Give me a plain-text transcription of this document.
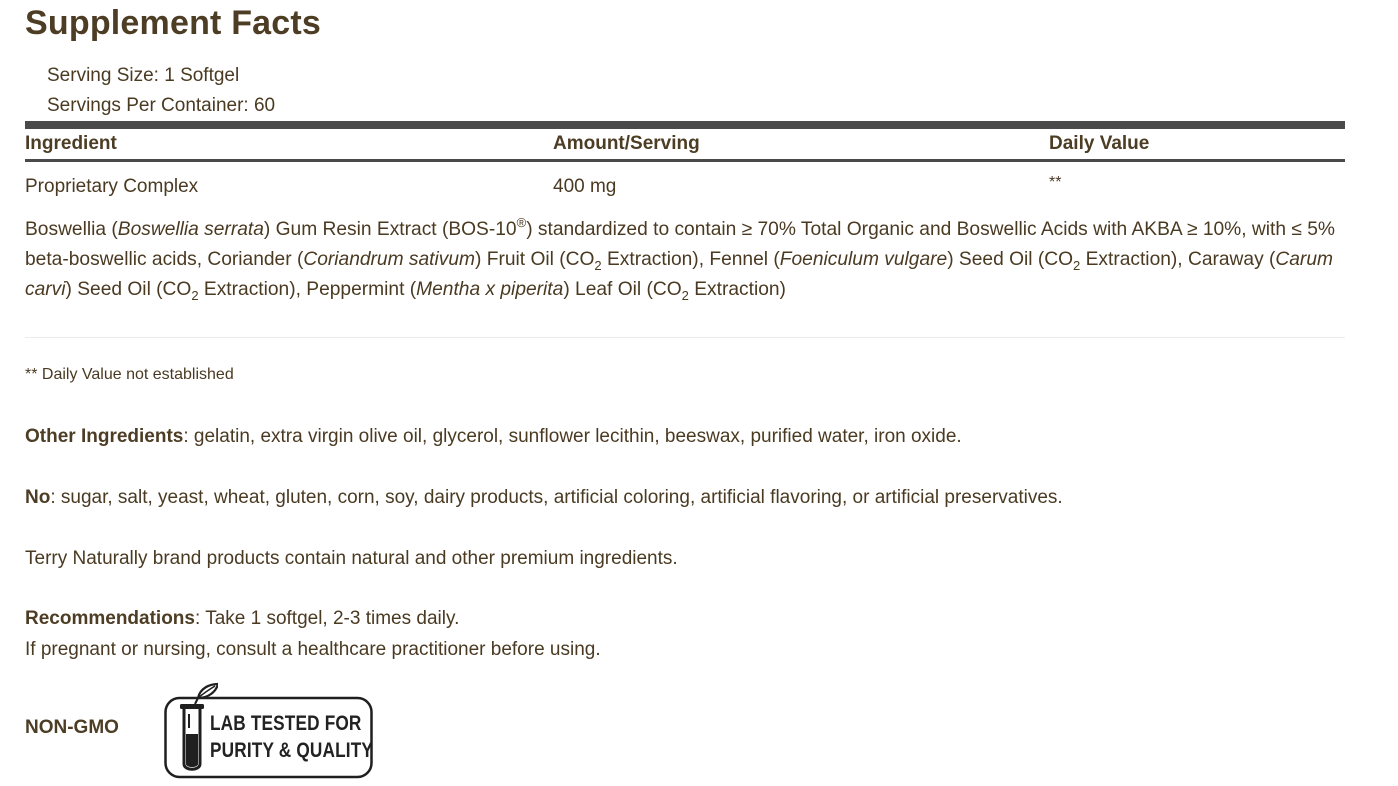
Supplement Facts
Serving Size: 1 Softgel
Servings Per Container: 60
Ingredient	Amount/Serving	Daily Value
Proprietary Complex	400 mg	**

Boswellia (Boswellia serrata) Gum Resin Extract (BOS-10®) standardized to contain ≥ 70% Total Organic and Boswellic Acids with AKBA ≥ 10%, with ≤ 5% beta-boswellic acids, Coriander (Coriandrum sativum) Fruit Oil ($CO_2$ Extraction), Fennel (Foeniculum vulgare) Seed Oil ($CO_2$ Extraction), Caraway (Carum carvi) Seed Oil ($CO_2$ Extraction), Peppermint (Mentha x piperita) Leaf Oil ($CO_2$ Extraction)

** Daily Value not established

Other Ingredients: gelatin, extra virgin olive oil, glycerol, sunflower lecithin, beeswax, purified water, iron oxide.

No: sugar, salt, yeast, wheat, gluten, corn, soy, dairy products, artificial coloring, artificial flavoring, or artificial preservatives.

Terry Naturally brand products contain natural and other premium ingredients.

Recommendations: Take 1 softgel, 2-3 times daily.

If pregnant or nursing, consult a healthcare practitioner before using.

NON-GMO	LAB TESTED FOR
PURITY & QUALITY
